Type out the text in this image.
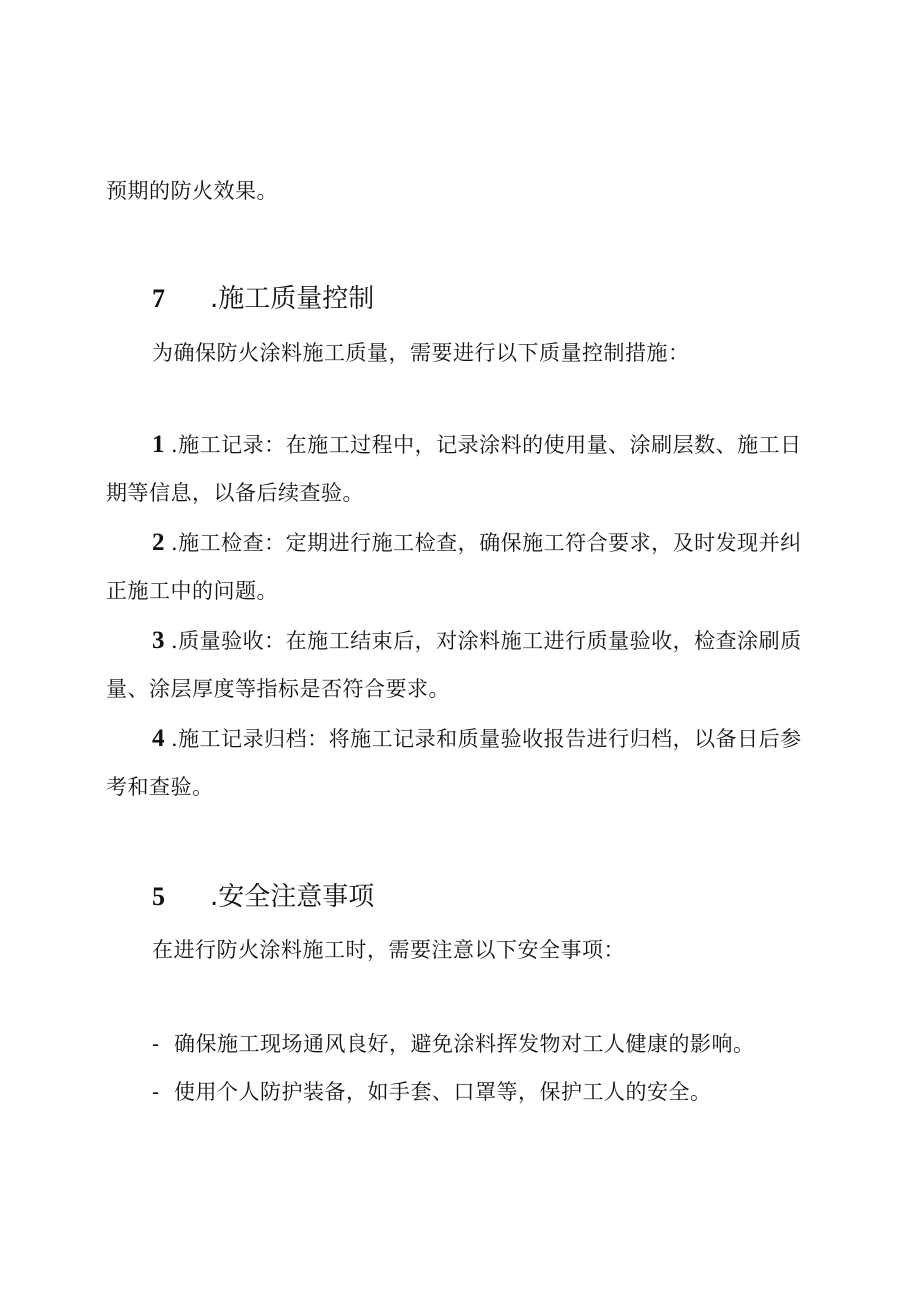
预期的防火效果。
7 .施工质量控制
为确保防火涂料施工质量，需要进行以下质量控制措施：
1 .施工记录：在施工过程中，记录涂料的使用量、涂刷层数、施工日
期等信息，以备后续查验。
2 .施工检查：定期进行施工检查，确保施工符合要求，及时发现并纠
正施工中的问题。
3 .质量验收：在施工结束后，对涂料施工进行质量验收，检查涂刷质
量、涂层厚度等指标是否符合要求。
4 .施工记录归档：将施工记录和质量验收报告进行归档，以备日后参
考和查验。
5 .安全注意事项
在进行防火涂料施工时，需要注意以下安全事项：
- 确保施工现场通风良好，避免涂料挥发物对工人健康的影响。
- 使用个人防护装备，如手套、口罩等，保护工人的安全。
